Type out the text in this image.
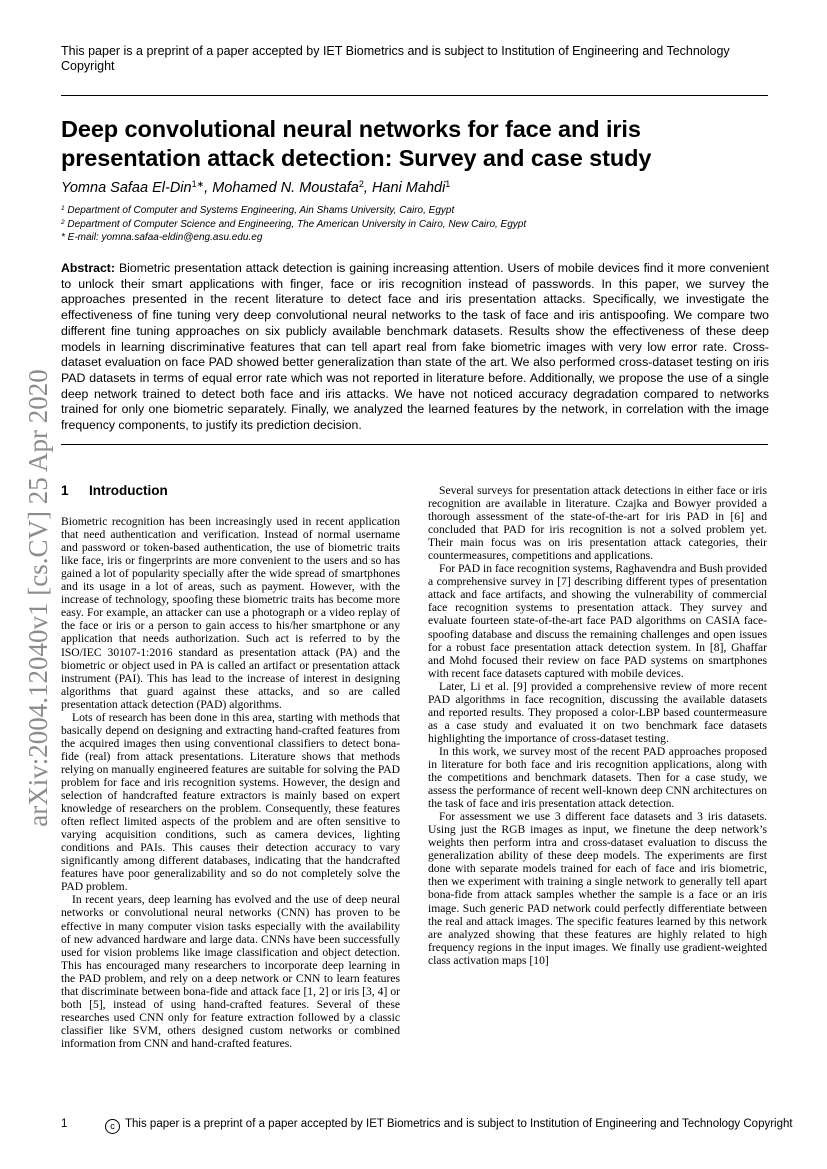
This paper is a preprint of a paper accepted by IET Biometrics and is subject to Institution of Engineering and Technology Copyright

Deep convolutional neural networks for face and iris presentation attack detection: Survey and case study

Yomna Safaa El-Din$^{1∗}$, Mohamed N. Moustafa$^2$, Hani Mahdi$^1$

$^1$ Department of Computer and Systems Engineering, Ain Shams University, Cairo, Egypt
$^2$ Department of Computer Science and Engineering, The American University in Cairo, New Cairo, Egypt
* E-mail: yomna.safaa-eldin@eng.asu.edu.eg

Abstract: Biometric presentation attack detection is gaining increasing attention. Users of mobile devices find it more convenient to unlock their smart applications with finger, face or iris recognition instead of passwords. In this paper, we survey the approaches presented in the recent literature to detect face and iris presentation attacks. Specifically, we investigate the effectiveness of fine tuning very deep convolutional neural networks to the task of face and iris antispoofing. We compare two different fine tuning approaches on six publicly available benchmark datasets. Results show the effectiveness of these deep models in learning discriminative features that can tell apart real from fake biometric images with very low error rate. Cross-dataset evaluation on face PAD showed better generalization than state of the art. We also performed cross-dataset testing on iris PAD datasets in terms of equal error rate which was not reported in literature before. Additionally, we propose the use of a single deep network trained to detect both face and iris attacks. We have not noticed accuracy degradation compared to networks trained for only one biometric separately. Finally, we analyzed the learned features by the network, in correlation with the image frequency components, to justify its prediction decision.

arXiv:2004.12040v1 [cs.CV] 25 Apr 2020 1 Introduction

Biometric recognition has been increasingly used in recent application that need authentication and verification. Instead of normal username and password or token-based authentication, the use of biometric traits like face, iris or fingerprints are more convenient to the users and so has gained a lot of popularity specially after the wide spread of smartphones and its usage in a lot of areas, such as payment. However, with the increase of technology, spoofing these biometric traits has become more easy. For example, an attacker can use a photograph or a video replay of the face or iris or a person to gain access to his/her smartphone or any application that needs authorization. Such act is referred to by the ISO/IEC 30107-1:2016 standard as presentation attack (PA) and the biometric or object used in PA is called an artifact or presentation attack instrument (PAI). This has lead to the increase of interest in designing algorithms that guard against these attacks, and so are called presentation attack detection (PAD) algorithms.

Lots of research has been done in this area, starting with methods that basically depend on designing and extracting hand-crafted features from the acquired images then using conventional classifiers to detect bona-fide (real) from attack presentations. Literature shows that methods relying on manually engineered features are suitable for solving the PAD problem for face and iris recognition systems. However, the design and selection of handcrafted feature extractors is mainly based on expert knowledge of researchers on the problem. Consequently, these features often reflect limited aspects of the problem and are often sensitive to varying acquisition conditions, such as camera devices, lighting conditions and PAIs. This causes their detection accuracy to vary significantly among different databases, indicating that the handcrafted features have poor generalizability and so do not completely solve the PAD problem.

In recent years, deep learning has evolved and the use of deep neural networks or convolutional neural networks (CNN) has proven to be effective in many computer vision tasks especially with the availability of new advanced hardware and large data. CNNs have been successfully used for vision problems like image classification and object detection. This has encouraged many researchers to incorporate deep learning in the PAD problem, and rely on a deep network or CNN to learn features that discriminate between bona-fide and attack face [1, 2] or iris [3, 4] or both [5], instead of using hand-crafted features. Several of these researches used CNN only for feature extraction followed by a classic classifier like SVM, others designed custom networks or combined information from CNN and hand-crafted features.

Several surveys for presentation attack detections in either face or iris recognition are available in literature. Czajka and Bowyer provided a thorough assessment of the state-of-the-art for iris PAD in [6] and concluded that PAD for iris recognition is not a solved problem yet. Their main focus was on iris presentation attack categories, their countermeasures, competitions and applications.

For PAD in face recognition systems, Raghavendra and Bush provided a comprehensive survey in [7] describing different types of presentation attack and face artifacts, and showing the vulnerability of commercial face recognition systems to presentation attack. They survey and evaluate fourteen state-of-the-art face PAD algorithms on CASIA face-spoofing database and discuss the remaining challenges and open issues for a robust face presentation attack detection system. In [8], Ghaffar and Mohd focused their review on face PAD systems on smartphones with recent face datasets captured with mobile devices.

Later, Li et al. [9] provided a comprehensive review of more recent PAD algorithms in face recognition, discussing the available datasets and reported results. They proposed a color-LBP based countermeasure as a case study and evaluated it on two benchmark face datasets highlighting the importance of cross-dataset testing.

In this work, we survey most of the recent PAD approaches proposed in literature for both face and iris recognition applications, along with the competitions and benchmark datasets. Then for a case study, we assess the performance of recent well-known deep CNN architectures on the task of face and iris presentation attack detection.

For assessment we use 3 different face datasets and 3 iris datasets. Using just the RGB images as input, we finetune the deep network’s weights then perform intra and cross-dataset evaluation to discuss the generalization ability of these deep models. The experiments are first done with separate models trained for each of face and iris biometric, then we experiment with training a single network to generally tell apart bona-fide from attack samples whether the sample is a face or an iris image. Such generic PAD network could perfectly differentiate between the real and attack images. The specific features learned by this network are analyzed showing that these features are highly related to high frequency regions in the input images. We finally use gradient-weighted class activation maps [10]

1	c This paper is a preprint of a paper accepted by IET Biometrics and is subject to Institution of Engineering and Technology Copyright
